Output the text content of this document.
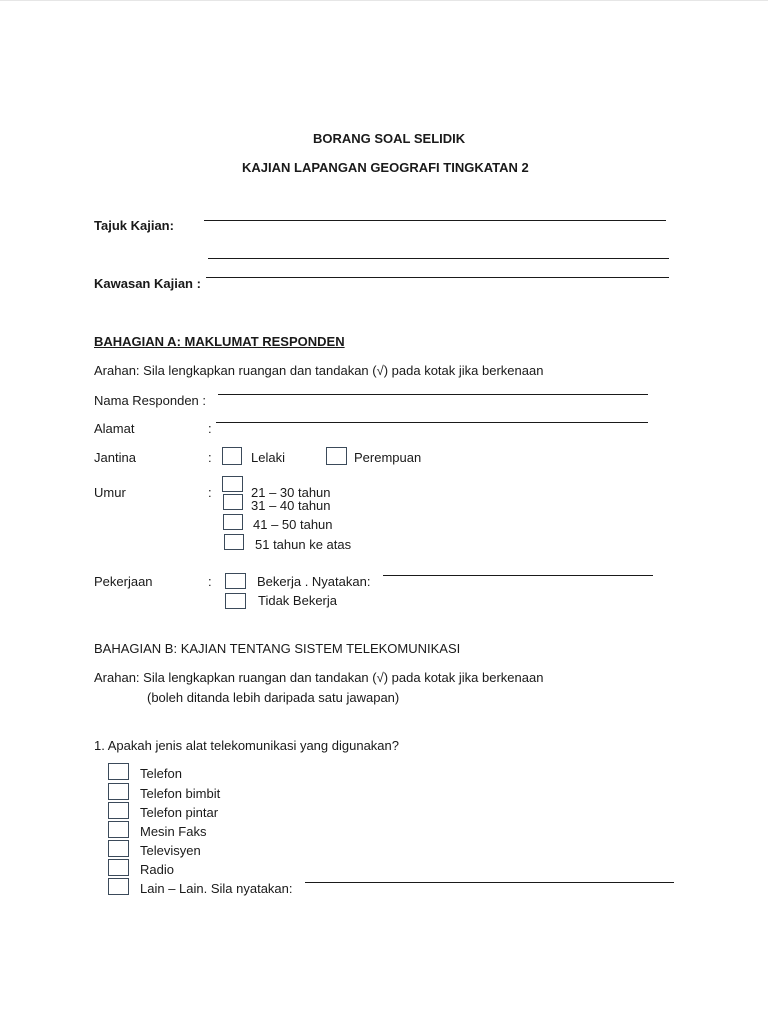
BORANG SOAL SELIDIK
KAJIAN LAPANGAN GEOGRAFI TINGKATAN 2
Tajuk Kajian:
Kawasan Kajian :
BAHAGIAN A: MAKLUMAT RESPONDEN
Arahan: Sila lengkapkan ruangan dan tandakan (√) pada kotak jika berkenaan
Nama Responden :
Alamat	:
Jantina	:	Lelaki	Perempuan
Umur	:	21 – 30 tahun
31 – 40 tahun
41 – 50 tahun
51 tahun ke atas
Pekerjaan	:	Bekerja . Nyatakan:
Tidak Bekerja
BAHAGIAN B: KAJIAN TENTANG SISTEM TELEKOMUNIKASI
Arahan: Sila lengkapkan ruangan dan tandakan (√) pada kotak jika berkenaan
(boleh ditanda lebih daripada satu jawapan)
1. Apakah jenis alat telekomunikasi yang digunakan?
Telefon
Telefon bimbit
Telefon pintar
Mesin Faks
Televisyen
Radio
Lain – Lain. Sila nyatakan:
